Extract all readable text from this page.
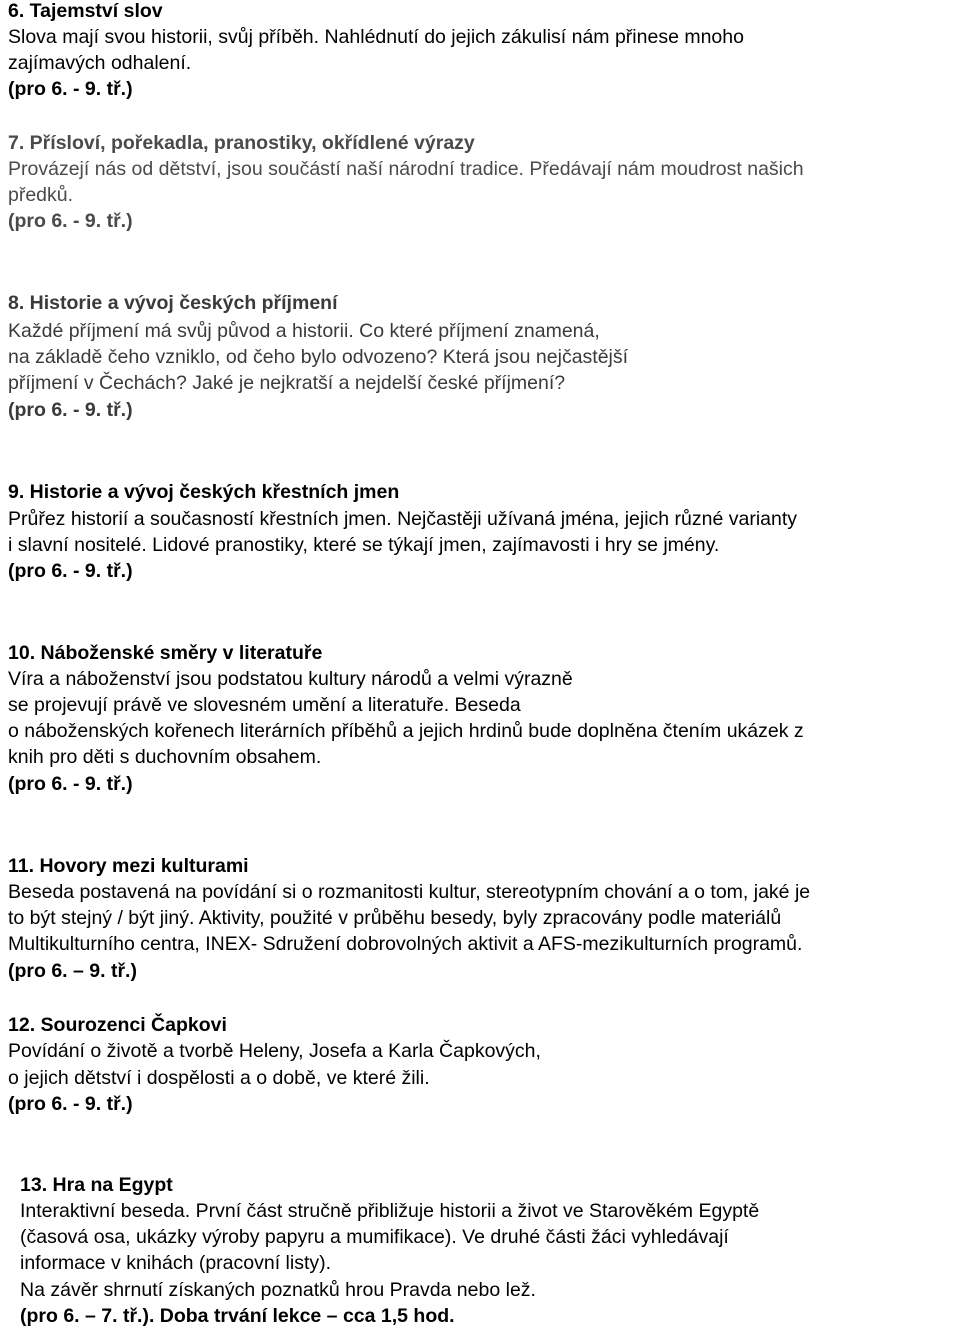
6. Tajemství slov
Slova mají svou historii, svůj příběh. Nahlédnutí do jejich zákulisí nám přinese mnoho
zajímavých odhalení.
(pro 6. - 9. tř.)
7. Přísloví, pořekadla, pranostiky, okřídlené výrazy
Provázejí nás od dětství, jsou součástí naší národní tradice. Předávají nám moudrost našich
předků.
(pro 6. - 9. tř.)
8. Historie a vývoj českých příjmení
Každé příjmení má svůj původ a historii. Co které příjmení znamená,
na základě čeho vzniklo, od čeho bylo odvozeno? Která jsou nejčastější
příjmení v Čechách? Jaké je nejkratší a nejdelší české příjmení?
(pro 6. - 9. tř.)
9. Historie a vývoj českých křestních jmen
Průřez historií a současností křestních jmen. Nejčastěji užívaná jména, jejich různé varianty
i slavní nositelé. Lidové pranostiky, které se týkají jmen, zajímavosti i hry se jmény.
(pro 6. - 9. tř.)
10. Náboženské směry v literatuře
Víra a náboženství jsou podstatou kultury národů a velmi výrazně
se projevují právě ve slovesném umění a literatuře. Beseda
o náboženských kořenech literárních příběhů a jejich hrdinů bude doplněna čtením ukázek z
knih pro děti s duchovním obsahem.
(pro 6. - 9. tř.)
11. Hovory mezi kulturami
Beseda postavená na povídání si o rozmanitosti kultur, stereotypním chování a o tom, jaké je
to být stejný / být jiný. Aktivity, použité v průběhu besedy, byly zpracovány podle materiálů
Multikulturního centra, INEX- Sdružení dobrovolných aktivit a AFS-mezikulturních programů.
(pro 6. – 9. tř.)
12. Sourozenci Čapkovi
Povídání o životě a tvorbě Heleny, Josefa a Karla Čapkových,
o jejich dětství i dospělosti a o době, ve které žili.
(pro 6. - 9. tř.)
13. Hra na Egypt
Interaktivní beseda. První část stručně přibližuje historii a život ve Starověkém Egyptě
(časová osa, ukázky výroby papyru a mumifikace). Ve druhé části žáci vyhledávají
informace v knihách (pracovní listy).
Na závěr shrnutí získaných poznatků hrou Pravda nebo lež.
(pro 6. – 7. tř.). Doba trvání lekce – cca 1,5 hod.
